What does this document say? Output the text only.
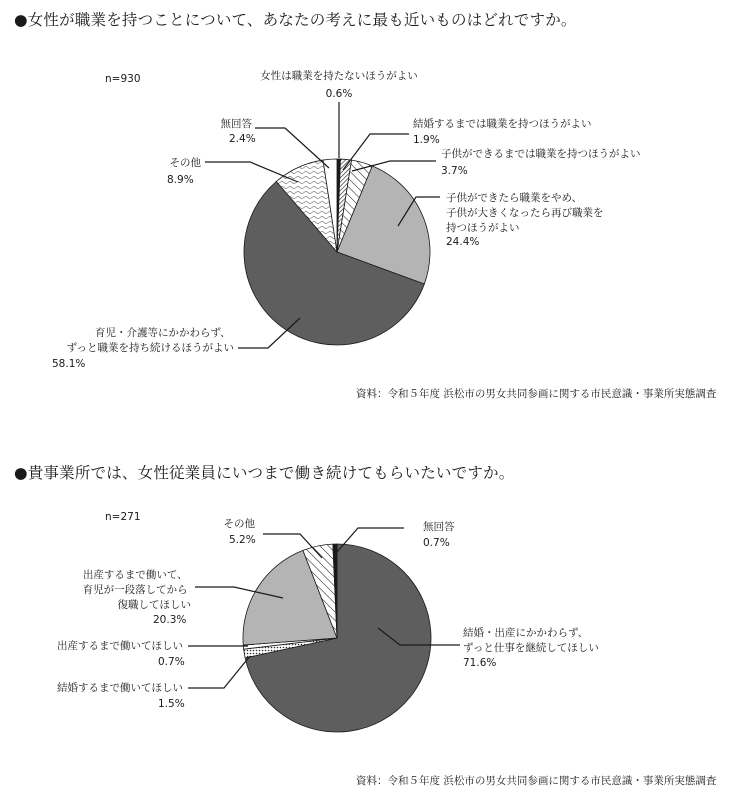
●女性が職業を持つことについて、あなたの考えに最も近いものはどれですか。
n=930	女性は職業を持たないほうがよい
0.6%
結婚するまでは職業を持つほうがよい
1.9%
子供ができるまでは職業を持つほうがよい
3.7%
子供ができたら職業をやめ、 子供が大きくなったら再び職業を 持つほうがよい
24.4%
育児・介護等にかかわらず、 ずっと職業を持ち続けるほうがよい
58.1%
その他
8.9%
無回答
2.4%
資料：令和５年度 浜松市の男女共同参画に関する市民意識・事業所実態調査
●貴事業所では、女性従業員にいつまで働き続けてもらいたいですか。
n=271
無回答
0.7%
その他
5.2%
出産するまで働いて、 育児が一段落してから 復職してほしい
20.3%
出産するまで働いてほしい
0.7%
結婚するまで働いてほしい
1.5%
結婚・出産にかかわらず、 ずっと仕事を継続してほしい
71.6%
資料：令和５年度 浜松市の男女共同参画に関する市民意識・事業所実態調査
